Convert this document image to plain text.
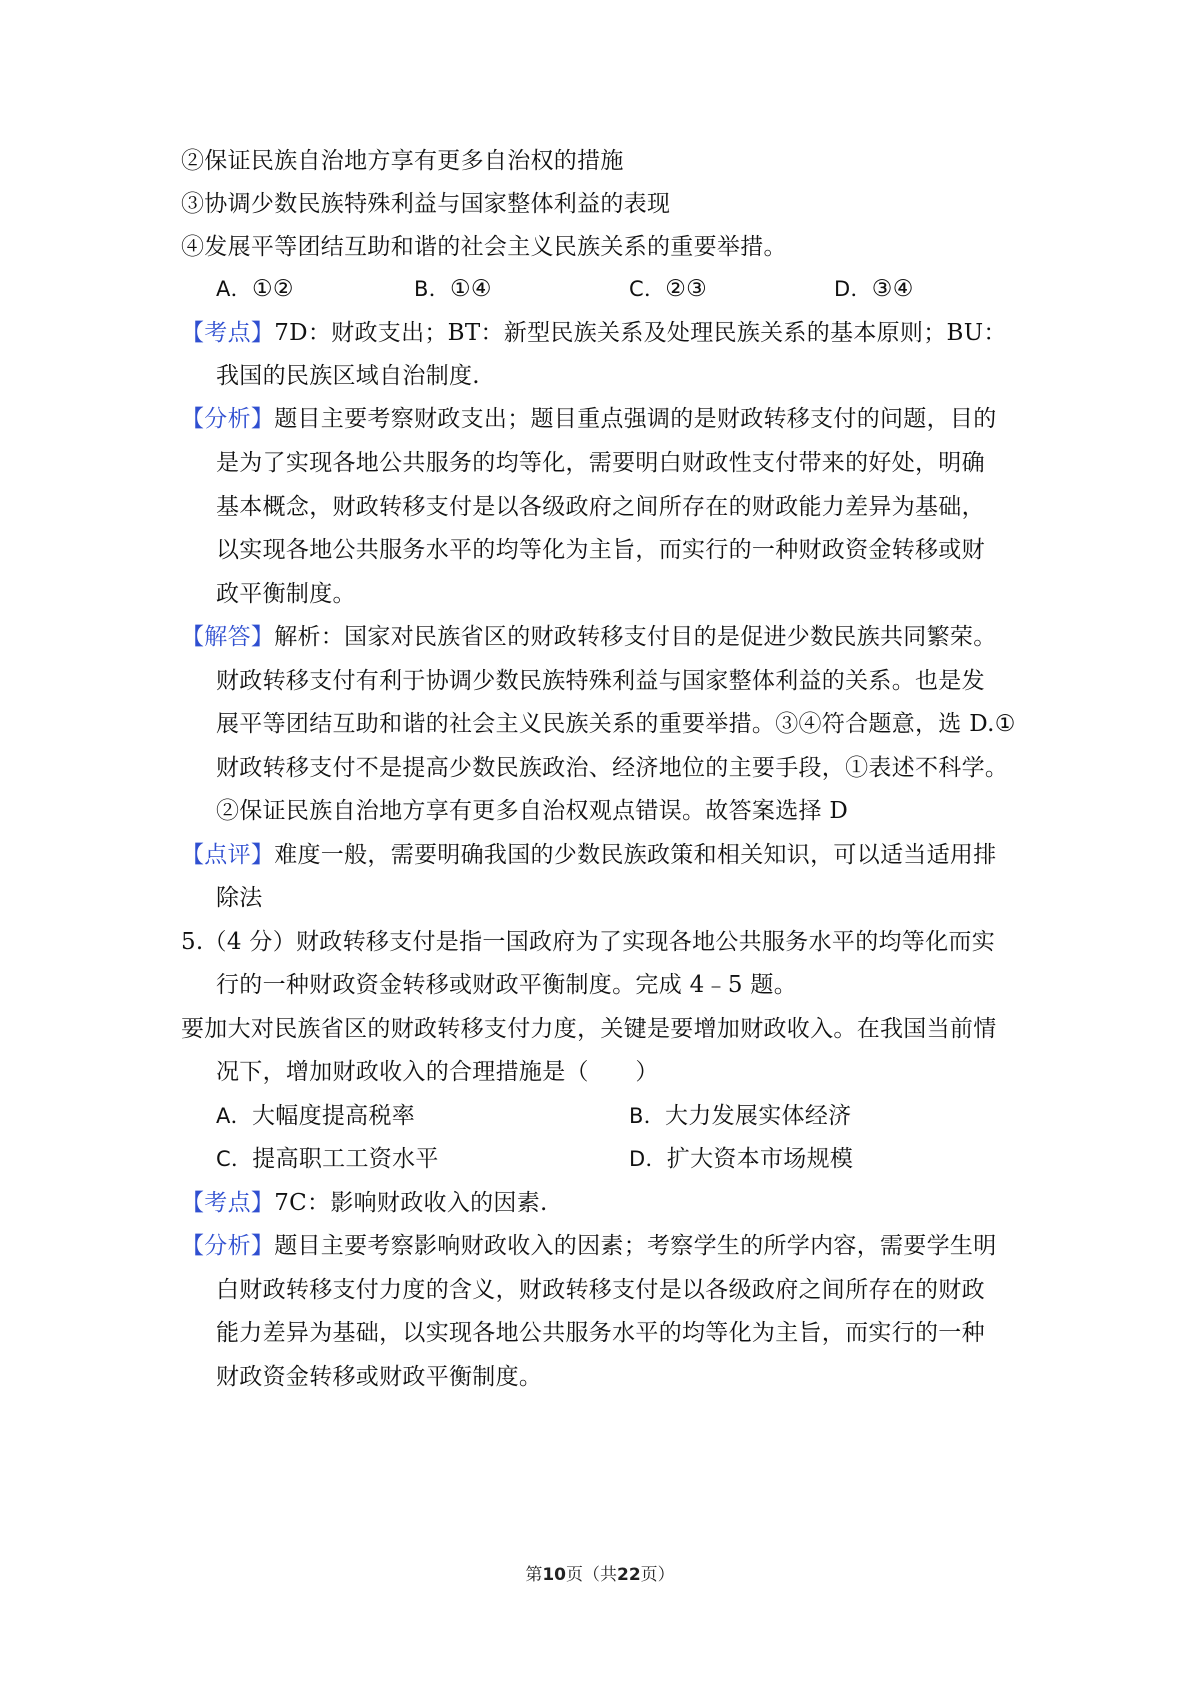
②保证民族自治地方享有更多自治权的措施
③协调少数民族特殊利益与国家整体利益的表现
④发展平等团结互助和谐的社会主义民族关系的重要举措。
A．①②	B．①④	C．②③	D．③④
【考点】7D：财政支出；BT：新型民族关系及处理民族关系的基本原则；BU：
我国的民族区域自治制度.
【分析】题目主要考察财政支出；题目重点强调的是财政转移支付的问题，目的
是为了实现各地公共服务的均等化，需要明白财政性支付带来的好处，明确
基本概念，财政转移支付是以各级政府之间所存在的财政能力差异为基础，
以实现各地公共服务水平的均等化为主旨，而实行的一种财政资金转移或财
政平衡制度。
【解答】解析：国家对民族省区的财政转移支付目的是促进少数民族共同繁荣。
财政转移支付有利于协调少数民族特殊利益与国家整体利益的关系。也是发
展平等团结互助和谐的社会主义民族关系的重要举措。③④符合题意，选 D.①
财政转移支付不是提高少数民族政治、经济地位的主要手段，①表述不科学。
②保证民族自治地方享有更多自治权观点错误。故答案选择 D
【点评】难度一般，需要明确我国的少数民族政策和相关知识，可以适当适用排
除法
5.（4 分）财政转移支付是指一国政府为了实现各地公共服务水平的均等化而实
行的一种财政资金转移或财政平衡制度。完成 4﹣5 题。
要加大对民族省区的财政转移支付力度，关键是要增加财政收入。在我国当前情
况下，增加财政收入的合理措施是（　　）
A．大幅度提高税率	B．大力发展实体经济
C．提高职工工资水平	D．扩大资本市场规模
【考点】7C：影响财政收入的因素.
【分析】题目主要考察影响财政收入的因素；考察学生的所学内容，需要学生明
白财政转移支付力度的含义，财政转移支付是以各级政府之间所存在的财政
能力差异为基础，以实现各地公共服务水平的均等化为主旨，而实行的一种
财政资金转移或财政平衡制度。
第10页（共22页）
